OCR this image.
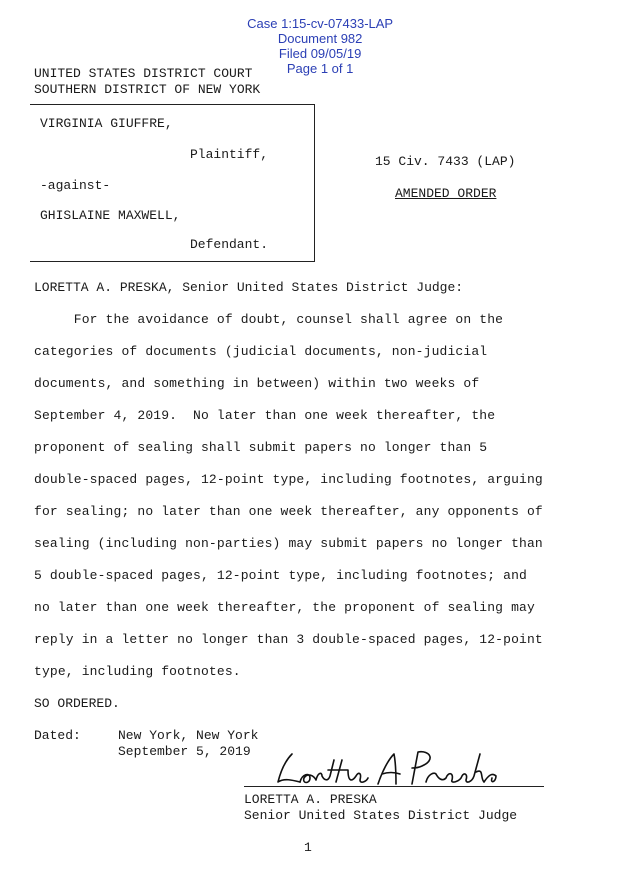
Case 1:15-cv-07433-LAP
Document 982
Filed 09/05/19
Page 1 of 1

UNITED STATES DISTRICT COURT
SOUTHERN DISTRICT OF NEW YORK
VIRGINIA GIUFFRE,
Plaintiff,
-against-
GHISLAINE MAXWELL,
Defendant.
15 Civ. 7433 (LAP)
AMENDED ORDER
LORETTA A. PRESKA, Senior United States District Judge:
For the avoidance of doubt, counsel shall agree on the
categories of documents (judicial documents, non-judicial
documents, and something in between) within two weeks of
September 4, 2019.  No later than one week thereafter, the
proponent of sealing shall submit papers no longer than 5
double-spaced pages, 12-point type, including footnotes, arguing
for sealing; no later than one week thereafter, any opponents of
sealing (including non-parties) may submit papers no longer than
5 double-spaced pages, 12-point type, including footnotes; and
no later than one week thereafter, the proponent of sealing may
reply in a letter no longer than 3 double-spaced pages, 12-point
type, including footnotes.
SO ORDERED.
Dated:	New York, New York
September 5, 2019
LORETTA A. PRESKA
Senior United States District Judge
1
